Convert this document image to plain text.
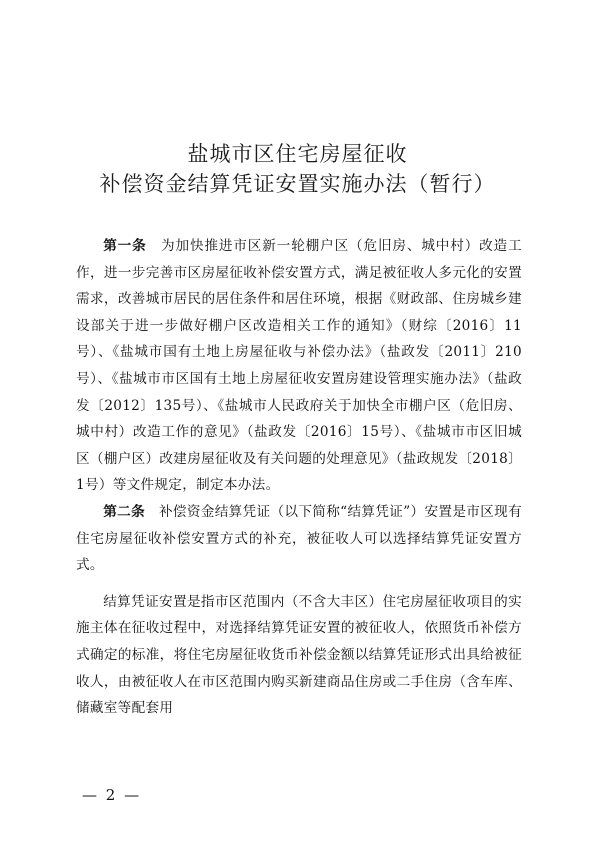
盐城市区住宅房屋征收
补偿资金结算凭证安置实施办法（暂行）

第一条　 为加快推进市区新一轮棚户区（危旧房、城中村）改造工作，进一步完善市区房屋征收补偿安置方式，满足被征收人多元化的安置需求，改善城市居民的居住条件和居住环境，根据《财政部、住房城乡建设部关于进一步做好棚户区改造相关工作的通知》（财综〔2016〕11号）、《盐城市国有土地上房屋征收与补偿办法》（盐政发〔2011〕210号）、《盐城市市区国有土地上房屋征收安置房建设管理实施办法》（盐政发〔2012〕135号）、《盐城市人民政府关于加快全市棚户区（危旧房、城中村）改造工作的意见》（盐政发〔2016〕15号）、《盐城市市区旧城区（棚户区）改建房屋征收及有关问题的处理意见》（盐政规发〔2018〕1号）等文件规定，制定本办法。

第二条　 补偿资金结算凭证（以下简称“结算凭证”）安置是市区现有住宅房屋征收补偿安置方式的补充，被征收人可以选择结算凭证安置方式。

结算凭证安置是指市区范围内（不含大丰区）住宅房屋征收项目的实施主体在征收过程中，对选择结算凭证安置的被征收人，依照货币补偿方式确定的标准，将住宅房屋征收货币补偿金额以结算凭证形式出具给被征收人，由被征收人在市区范围内购买新建商品住房或二手住房（含车库、储藏室等配套用

— 2 —
